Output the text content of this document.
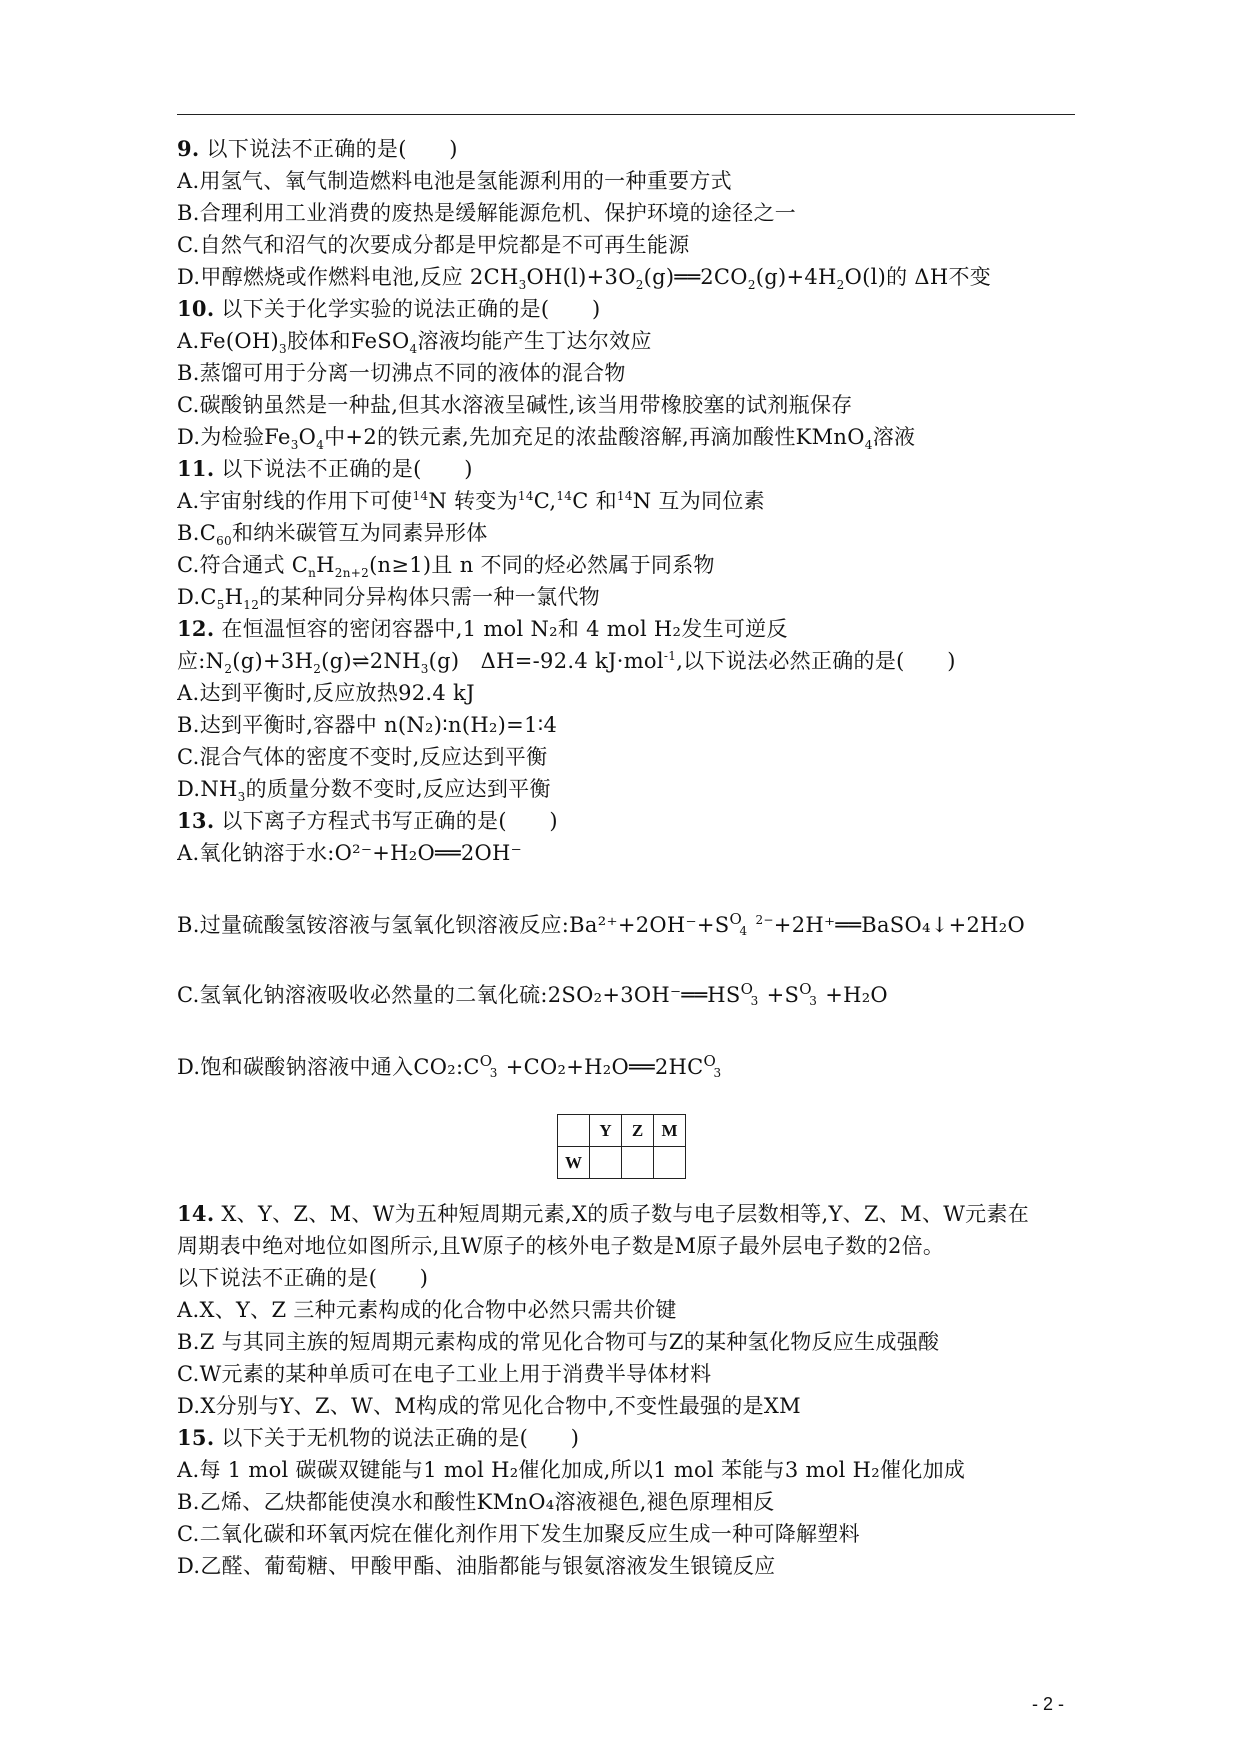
9. 以下说法不正确的是(　　)
A.用氢气、氧气制造燃料电池是氢能源利用的一种重要方式
B.合理利用工业消费的废热是缓解能源危机、保护环境的途径之一
C.自然气和沼气的次要成分都是甲烷都是不可再生能源
D.甲醇燃烧或作燃料电池,反应 $2CH_3OH(l)+3O_2(g)══2CO_2(g)+4H_2O(l)$的 ΔH不变
10. 以下关于化学实验的说法正确的是(　　)
$A.Fe(OH)_3$胶体和FeSO$_4$溶液均能产生丁达尔效应
B.蒸馏可用于分离一切沸点不同的液体的混合物
C.碳酸钠虽然是一种盐,但其水溶液呈碱性,该当用带橡胶塞的试剂瓶保存
D.为检验$Fe_3O_4$中+2的铁元素,先加充足的浓盐酸溶解,再滴加酸性KMnO$_4$溶液
11. 以下说法不正确的是(　　)
A.宇宙射线的作用下可使$^{14}$N 转变为$^{14}$C,$^{14}$C 和$^{14}$N 互为同位素
$B.C_{60}$和纳米碳管互为同素异形体
C.符合通式 $C_nH_{2n+2}(n\ge 1)$且 n 不同的烃必然属于同系物
$D.C_5H_{12}$的某种同分异构体只需一种一氯代物
12. 在恒温恒容的密闭容器中,1 mol N₂和 4 mol H₂发生可逆反
应$:N_2(g)+3H_2(g)\rightleftharpoons 2NH_3(g)$　ΔH=-92.4 kJ·mol$^{-1}$,以下说法必然正确的是(　　)
A.达到平衡时,反应放热92.4 kJ
B.达到平衡时,容器中 n(N₂)∶n(H₂)=1∶4
C.混合气体的密度不变时,反应达到平衡
$D.NH_3$的质量分数不变时,反应达到平衡
13. 以下离子方程式书写正确的是(　　)
A.氧化钠溶于水:O²⁻+H₂O══2OH⁻
B.过量硫酸氢铵溶液与氢氧化钡溶液反应:Ba²⁺+2OH⁻+S O
4
$^{2-}$+2H⁺══BaSO₄↓+2H₂O
C.氢氧化钠溶液吸收必然量的二氧化硫:2SO₂+3OH⁻══HS O
3 +S O
3 +H₂O
D.饱和碳酸钠溶液中通入CO₂:C O
3 +CO₂+H₂O══2HC O
3
	Y	Z	M
W			
14. X、Y、Z、M、W为五种短周期元素,X的质子数与电子层数相等,Y、Z、M、W元素在
周期表中绝对地位如图所示,且W原子的核外电子数是M原子最外层电子数的2倍。
以下说法不正确的是(　　)
A.X、Y、Z 三种元素构成的化合物中必然只需共价键
B.Z 与其同主族的短周期元素构成的常见化合物可与Z的某种氢化物反应生成强酸
C.W元素的某种单质可在电子工业上用于消费半导体材料
D.X分别与Y、Z、W、M构成的常见化合物中,不变性最强的是XM
15. 以下关于无机物的说法正确的是(　　)
A.每 1 mol 碳碳双键能与1 mol H₂催化加成,所以1 mol 苯能与3 mol H₂催化加成
B.乙烯、乙炔都能使溴水和酸性KMnO₄溶液褪色,褪色原理相反
C.二氧化碳和环氧丙烷在催化剂作用下发生加聚反应生成一种可降解塑料
D.乙醛、葡萄糖、甲酸甲酯、油脂都能与银氨溶液发生银镜反应
- 2 -
